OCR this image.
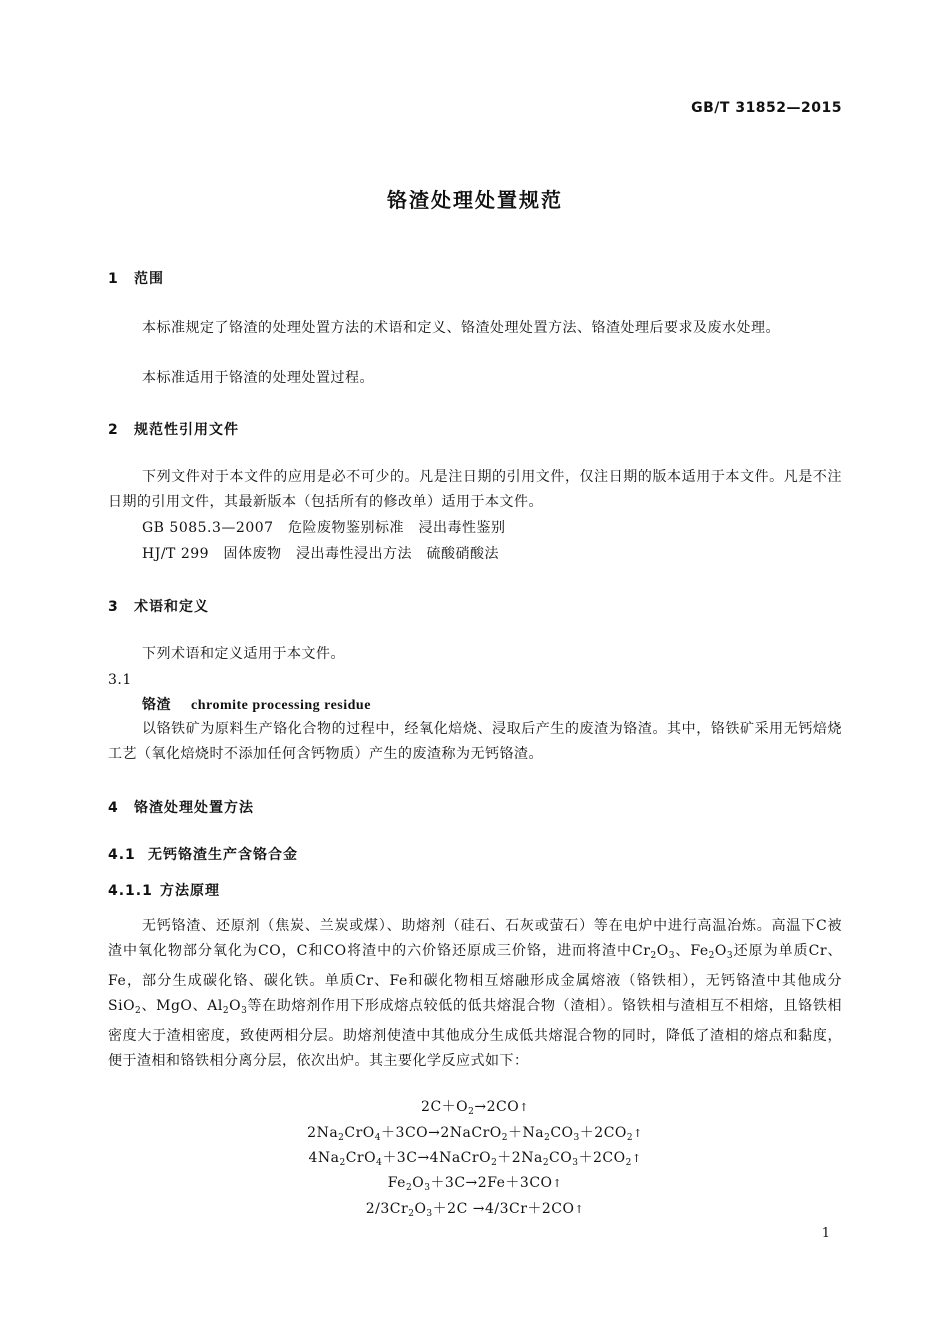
GB/T 31852—2015
铬渣处理处置规范
1 范围
本标准规定了铬渣的处理处置方法的术语和定义、铬渣处理处置方法、铬渣处理后要求及废水处理。
本标准适用于铬渣的处理处置过程。
2 规范性引用文件
下列文件对于本文件的应用是必不可少的。凡是注日期的引用文件，仅注日期的版本适用于本文件。凡是不注日期的引用文件，其最新版本（包括所有的修改单）适用于本文件。
GB 5085.3—2007　危险废物鉴别标准　浸出毒性鉴别
HJ/T 299　固体废物　浸出毒性浸出方法　硫酸硝酸法
3 术语和定义
下列术语和定义适用于本文件。
3.1
铬渣 chromite processing residue
以铬铁矿为原料生产铬化合物的过程中，经氧化焙烧、浸取后产生的废渣为铬渣。其中，铬铁矿采用无钙焙烧工艺（氧化焙烧时不添加任何含钙物质）产生的废渣称为无钙铬渣。
4 铬渣处理处置方法
4.1 无钙铬渣生产含铬合金
4.1.1 方法原理
无钙铬渣、还原剂（焦炭、兰炭或煤）、助熔剂（硅石、石灰或萤石）等在电炉中进行高温冶炼。高温下C被渣中氧化物部分氧化为CO，C和CO将渣中的六价铬还原成三价铬，进而将渣中$Cr_2O_3$、$Fe_2O_3$还原为单质Cr、Fe，部分生成碳化铬、碳化铁。单质Cr、Fe和碳化物相互熔融形成金属熔液（铬铁相），无钙铬渣中其他成分SiO$_2$、MgO、$Al_2O_3$等在助熔剂作用下形成熔点较低的低共熔混合物（渣相）。铬铁相与渣相互不相熔，且铬铁相密度大于渣相密度，致使两相分层。助熔剂使渣中其他成分生成低共熔混合物的同时，降低了渣相的熔点和黏度，便于渣相和铬铁相分离分层，依次出炉。其主要化学反应式如下：
$2C+O_2\to 2CO↑$
$2Na_2CrO_4+3CO\to 2NaCrO_2+Na_2CO_3+2CO_2↑$
$4Na_2CrO_4+3C\to 4NaCrO_2+2Na_2CO_3+2CO_2↑$
$Fe_2O_3+3C\to 2Fe+3CO↑$
$2/3Cr_2O_3+2C$ →4/3Cr＋2CO↑
1
